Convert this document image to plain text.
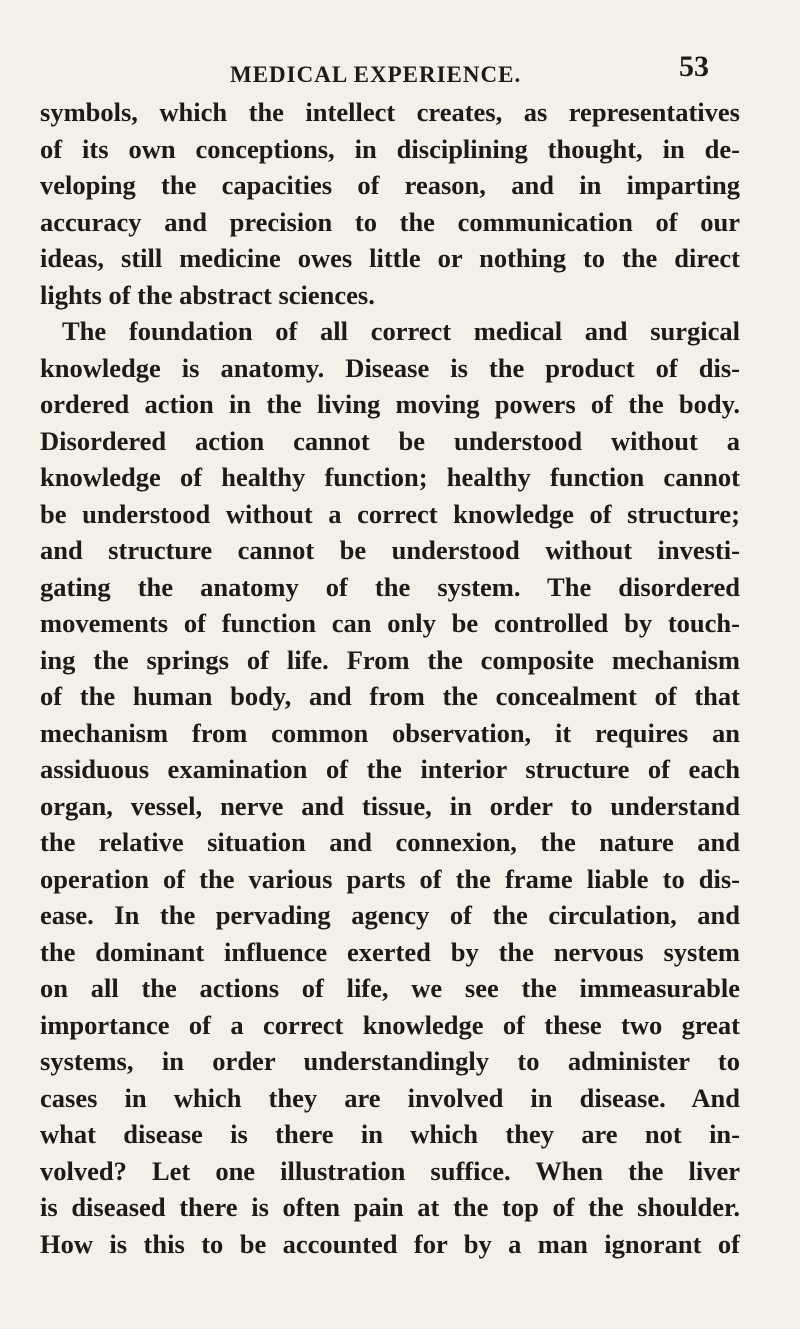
MEDICAL EXPERIENCE.	53
symbols, which the intellect creates, as representatives
of its own conceptions, in disciplining thought, in de-
veloping the capacities of reason, and in imparting
accuracy and precision to the communication of our
ideas, still medicine owes little or nothing to the direct
lights of the abstract sciences.
The foundation of all correct medical and surgical
knowledge is anatomy. Disease is the product of dis-
ordered action in the living moving powers of the body.
Disordered action cannot be understood without a
knowledge of healthy function; healthy function cannot
be understood without a correct knowledge of structure;
and structure cannot be understood without investi-
gating the anatomy of the system. The disordered
movements of function can only be controlled by touch-
ing the springs of life. From the composite mechanism
of the human body, and from the concealment of that
mechanism from common observation, it requires an
assiduous examination of the interior structure of each
organ, vessel, nerve and tissue, in order to understand
the relative situation and connexion, the nature and
operation of the various parts of the frame liable to dis-
ease. In the pervading agency of the circulation, and
the dominant influence exerted by the nervous system
on all the actions of life, we see the immeasurable
importance of a correct knowledge of these two great
systems, in order understandingly to administer to
cases in which they are involved in disease. And
what disease is there in which they are not in-
volved? Let one illustration suffice. When the liver
is diseased there is often pain at the top of the shoulder.
How is this to be accounted for by a man ignorant of
